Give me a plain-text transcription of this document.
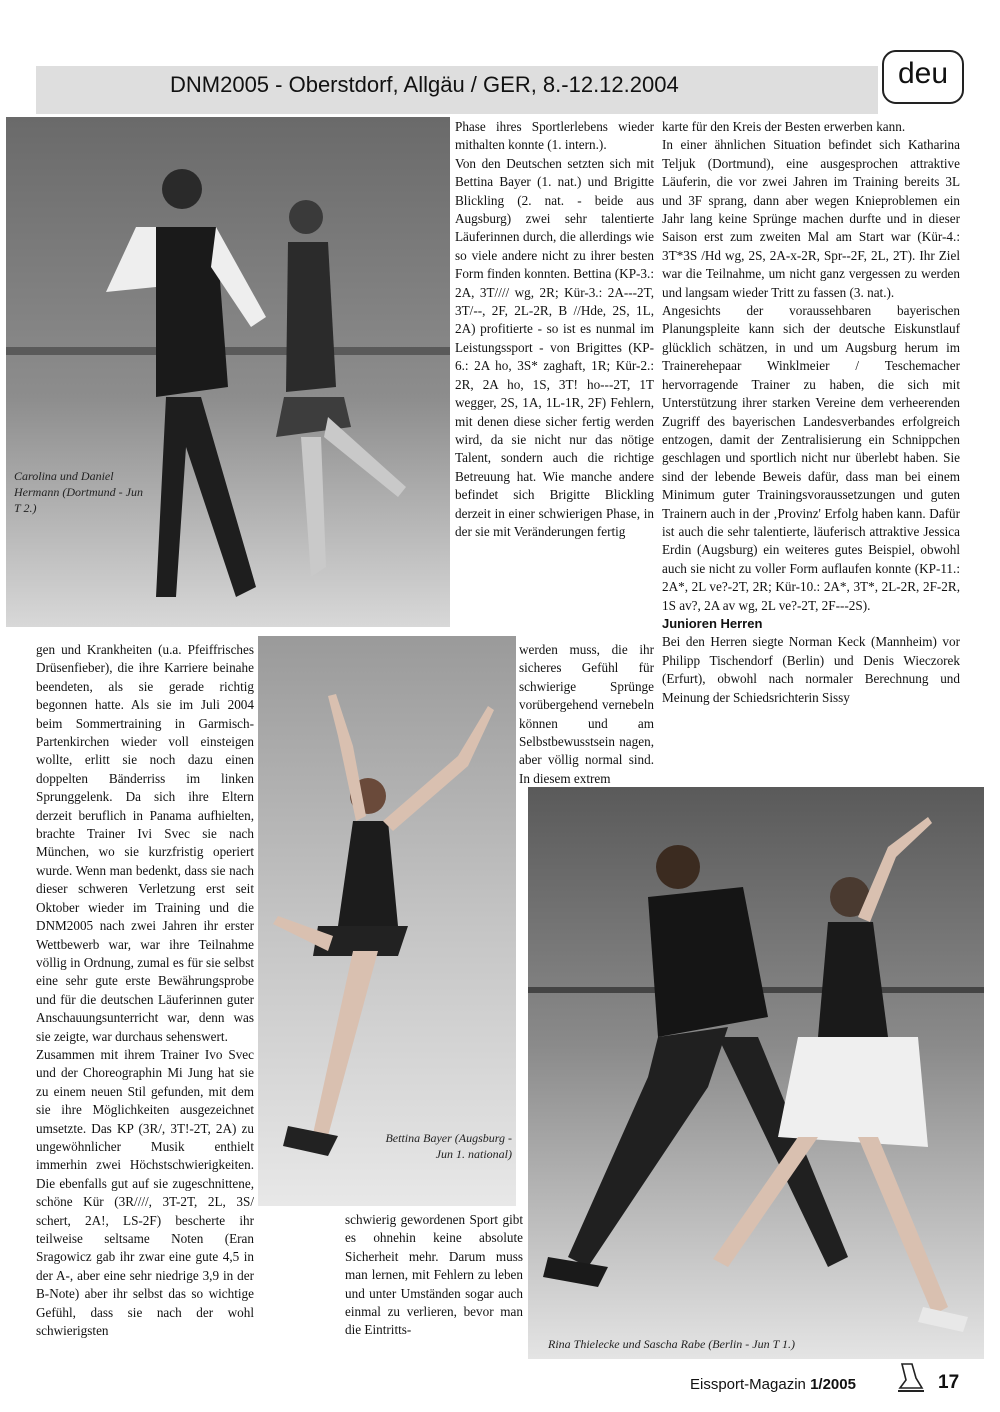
DNM2005 - Oberstdorf, Allgäu / GER, 8.-12.12.2004	deu
Carolina und Daniel Hermann (Dortmund - Jun T 2.)

Phase ihres Sportlerlebens wieder mithalten konnte (1. intern.).

Von den Deutschen setzten sich mit Bettina Bayer (1. nat.) und Brigitte Blickling (2. nat. - beide aus Augsburg) zwei sehr talentierte Läuferinnen durch, die allerdings wie so viele andere nicht zu ihrer besten Form finden konnten. Bettina (KP-3.: 2A, 3T//// wg, 2R; Kür-3.: 2A---2T, 3T/--, 2F, 2L-2R, B //Hde, 2S, 1L, 2A) profitierte - so ist es nunmal im Leistungssport - von Brigittes (KP-6.: 2A ho, 3S* zaghaft, 1R; Kür-2.: 2R, 2A ho, 1S, 3T! ho---2T, 1T wegger, 2S, 1A, 1L-1R, 2F) Fehlern, mit denen diese sicher fertig werden wird, da sie nicht nur das nötige Talent, sondern auch die richtige Betreuung hat. Wie manche andere befindet sich Brigitte Blickling derzeit in einer schwierigen Phase, in der sie mit Veränderungen fertig

karte für den Kreis der Besten erwerben kann.

In einer ähnlichen Situation befindet sich Katharina Teljuk (Dortmund), eine ausgesprochen attraktive Läuferin, die vor zwei Jahren im Training bereits 3L und 3F sprang, dann aber wegen Knieproblemen ein Jahr lang keine Sprünge machen durfte und in dieser Saison erst zum zweiten Mal am Start war (Kür-4.: 3T*3S /Hd wg, 2S, 2A-x-2R, Spr--2F, 2L, 2T). Ihr Ziel war die Teilnahme, um nicht ganz vergessen zu werden und langsam wieder Tritt zu fassen (3. nat.).

Angesichts der voraussehbaren bayerischen Planungspleite kann sich der deutsche Eiskunstlauf glücklich schätzen, in und um Augsburg herum im Trainerehepaar Winklmeier / Teschemacher hervorragende Trainer zu haben, die sich mit Unterstützung ihrer starken Vereine dem verheerenden Zugriff des bayerischen Landesverbandes erfolgreich entzogen, damit der Zentralisierung ein Schnippchen geschlagen und sportlich nicht nur überlebt haben. Sie sind der lebende Beweis dafür, dass man bei einem Minimum guter Trainingsvoraussetzungen und guten Trainern auch in der ‚Provinz' Erfolg haben kann. Dafür ist auch die sehr talentierte, läuferisch attraktive Jessica Erdin (Augsburg) ein weiteres gutes Beispiel, obwohl auch sie nicht zu voller Form auflaufen konnte (KP-11.: 2A*, 2L ve?-2T, 2R; Kür-10.: 2A*, 3T*, 2L-2R, 2F-2R, 1S av?, 2A av wg, 2L ve?-2T, 2F---2S).

Junioren Herren

Bei den Herren siegte Norman Keck (Mannheim) vor Philipp Tischendorf (Berlin) und Denis Wieczorek (Erfurt), obwohl nach normaler Berechnung und Meinung der Schiedsrichterin Sissy

werden muss, die ihr sicheres Gefühl für schwierige Sprünge vorübergehend vernebeln können und am Selbstbewusstsein nagen, aber völlig normal sind. In diesem extrem

gen und Krankheiten (u.a. Pfeiffrisches Drüsenfieber), die ihre Karriere beinahe beendeten, als sie gerade richtig begonnen hatte. Als sie im Juli 2004 beim Sommertraining in Garmisch-Partenkirchen wieder voll einsteigen wollte, erlitt sie noch dazu einen doppelten Bänderriss im linken Sprunggelenk. Da sich ihre Eltern derzeit beruflich in Panama aufhielten, brachte Trainer Ivi Svec sie nach München, wo sie kurzfristig operiert wurde. Wenn man bedenkt, dass sie nach dieser schweren Verletzung erst seit Oktober wieder im Training und die DNM2005 nach zwei Jahren ihr erster Wettbewerb war, war ihre Teilnahme völlig in Ordnung, zumal es für sie selbst eine sehr gute erste Bewährungsprobe und für die deutschen Läuferinnen guter Anschauungsunterricht war, denn was sie zeigte, war durchaus sehenswert.

Zusammen mit ihrem Trainer Ivo Svec und der Choreographin Mi Jung hat sie zu einem neuen Stil gefunden, mit dem sie ihre Möglichkeiten ausgezeichnet umsetzte. Das KP (3R/, 3T!-2T, 2A) zu ungewöhnlicher Musik enthielt immerhin zwei Höchstschwierigkeiten. Die ebenfalls gut auf sie zugeschnittene, schöne Kür (3R////, 3T-2T, 2L, 3S/ schert, 2A!, LS-2F) bescherte ihr teilweise seltsame Noten (Eran Sragowicz gab ihr zwar eine gute 4,5 in der A-, aber eine sehr niedrige 3,9 in der B-Note) aber ihr selbst das so wichtige Gefühl, dass sie nach der wohl schwierigsten

Bettina Bayer (Augsburg - Jun 1. national)
Rina Thielecke und Sascha Rabe (Berlin - Jun T 1.)

schwierig gewordenen Sport gibt es ohnehin keine absolute Sicherheit mehr. Darum muss man lernen, mit Fehlern zu leben und unter Umständen sogar auch einmal zu verlieren, bevor man die Eintritts-

Eissport-Magazin 1/2005	17
